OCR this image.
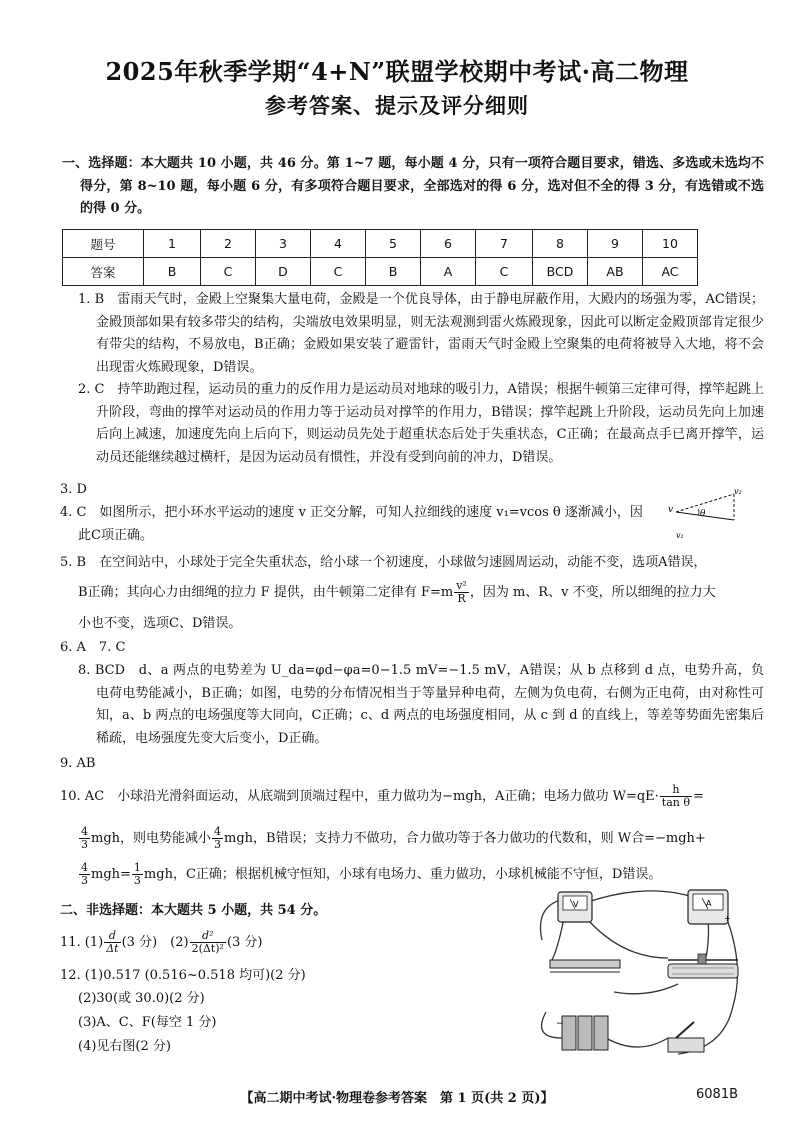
2025年秋季学期“4+N”联盟学校期中考试·高二物理
参考答案、提示及评分细则
一、选择题：本大题共 10 小题，共 46 分。第 1~7 题，每小题 4 分，只有一项符合题目要求，错选、多选或未选均不得分，第 8~10 题，每小题 6 分，有多项符合题目要求，全部选对的得 6 分，选对但不全的得 3 分，有选错或不选的得 0 分。
题号	1	2	3	4	5	6	7	8	9	10
答案	B	C	D	C	B	A	C	BCD	AB	AC
1. B　雷雨天气时，金殿上空聚集大量电荷，金殿是一个优良导体，由于静电屏蔽作用，大殿内的场强为零，AC错误；金殿顶部如果有较多带尖的结构，尖端放电效果明显，则无法观测到雷火炼殿现象，因此可以断定金殿顶部肯定很少有带尖的结构，不易放电，B正确；金殿如果安装了避雷针，雷雨天气时金殿上空聚集的电荷将被导入大地，将不会出现雷火炼殿现象，D错误。
2. C　持竿助跑过程，运动员的重力的反作用力是运动员对地球的吸引力，A错误；根据牛顿第三定律可得，撑竿起跳上升阶段，弯曲的撑竿对运动员的作用力等于运动员对撑竿的作用力，B错误；撑竿起跳上升阶段，运动员先向上加速后向上减速，加速度先向上后向下，则运动员先处于超重状态后处于失重状态，C正确；在最高点手已离开撑竿，运动员还能继续越过横杆，是因为运动员有惯性，并没有受到向前的冲力，D错误。
3. D
4. C　如图所示，把小环水平运动的速度 v 正交分解，可知人拉细线的速度 v₁=vcos θ 逐渐减小，因
此C项正确。
v
v₂
θ
v₁
5. B　在空间站中，小球处于完全失重状态，给小球一个初速度，小球做匀速圆周运动，动能不变，选项A错误，
B正确；其向心力由细绳的拉力 F 提供，由牛顿第二定律有 $F=m \frac{\text{v²}}{R}$ ，因为 m、R、v 不变，所以细绳的拉力大
小也不变，选项C、D错误。
6. A　7. C
8. BCD　d、a 两点的电势差为 U_da=φd−φa=0−1.5 mV=−1.5 mV，A错误；从 b 点移到 d 点，电势升高，负电荷电势能减小，B正确；如图，电势的分布情况相当于等量异种电荷，左侧为负电荷，右侧为正电荷，由对称性可知，a、b 两点的电场强度等大同向，C正确；c、d 两点的电场强度相同，从 c 到 d 的直线上，等差等势面先密集后稀疏，电场强度先变大后变小，D正确。
9. AB
10. AC　小球沿光滑斜面运动，从底端到顶端过程中，重力做功为−mgh，A正确；电场力做功 $W=qE\cdot \frac{h}{\text{tan θ}}$ =
$\frac{4}{3}$ mgh，则电势能减小 $\frac{4}{3}$ mgh，B错误；支持力不做功，合力做功等于各力做功的代数和，则 W合=−mgh+
$\frac{4}{3} mgh= \frac{1}{3}$ mgh，C正确；根据机械守恒知，小球有电场力、重力做功，小球机械能不守恒，D错误。
二、非选择题：本大题共 5 小题，共 54 分。
11. $(1) \frac{d}{\Delta t} (3$ 分)　$(2) \frac{\text{d²}}{\text{2(Δt)²}} (3$ 分)
12. (1)0.517 (0.516~0.518 均可)(2 分)
(2)30(或 30.0)(2 分)
(3)A、C、F(每空 1 分)
(4)见右图(2 分)
V	A
+
−
【高二期中考试·物理卷参考答案　第 1 页(共 2 页)】	6081B
